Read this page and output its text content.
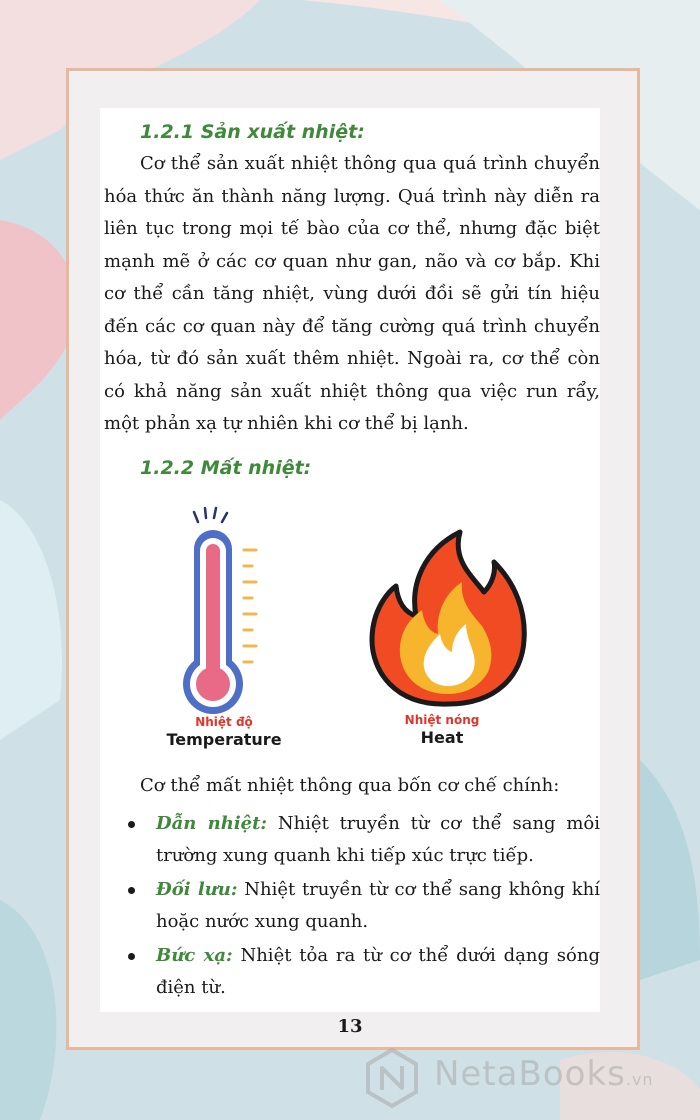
1.2.1 Sản xuất nhiệt:

Cơ thể sản xuất nhiệt thông qua quá trình chuyển hóa thức ăn thành năng lượng. Quá trình này diễn ra liên tục trong mọi tế bào của cơ thể, nhưng đặc biệt mạnh mẽ ở các cơ quan như gan, não và cơ bắp. Khi cơ thể cần tăng nhiệt, vùng dưới đồi sẽ gửi tín hiệu đến các cơ quan này để tăng cường quá trình chuyển hóa, từ đó sản xuất thêm nhiệt. Ngoài ra, cơ thể còn có khả năng sản xuất nhiệt thông qua việc run rẩy, một phản xạ tự nhiên khi cơ thể bị lạnh.

1.2.2 Mất nhiệt:
Nhiệt độ
Temperature
Nhiệt nóng
Heat

Cơ thể mất nhiệt thông qua bốn cơ chế chính:

Dẫn nhiệt: Nhiệt truyền từ cơ thể sang môi trường xung quanh khi tiếp xúc trực tiếp.
Đối lưu: Nhiệt truyền từ cơ thể sang không khí hoặc nước xung quanh.
Bức xạ: Nhiệt tỏa ra từ cơ thể dưới dạng sóng điện từ.
13
NetaBooks.vn
